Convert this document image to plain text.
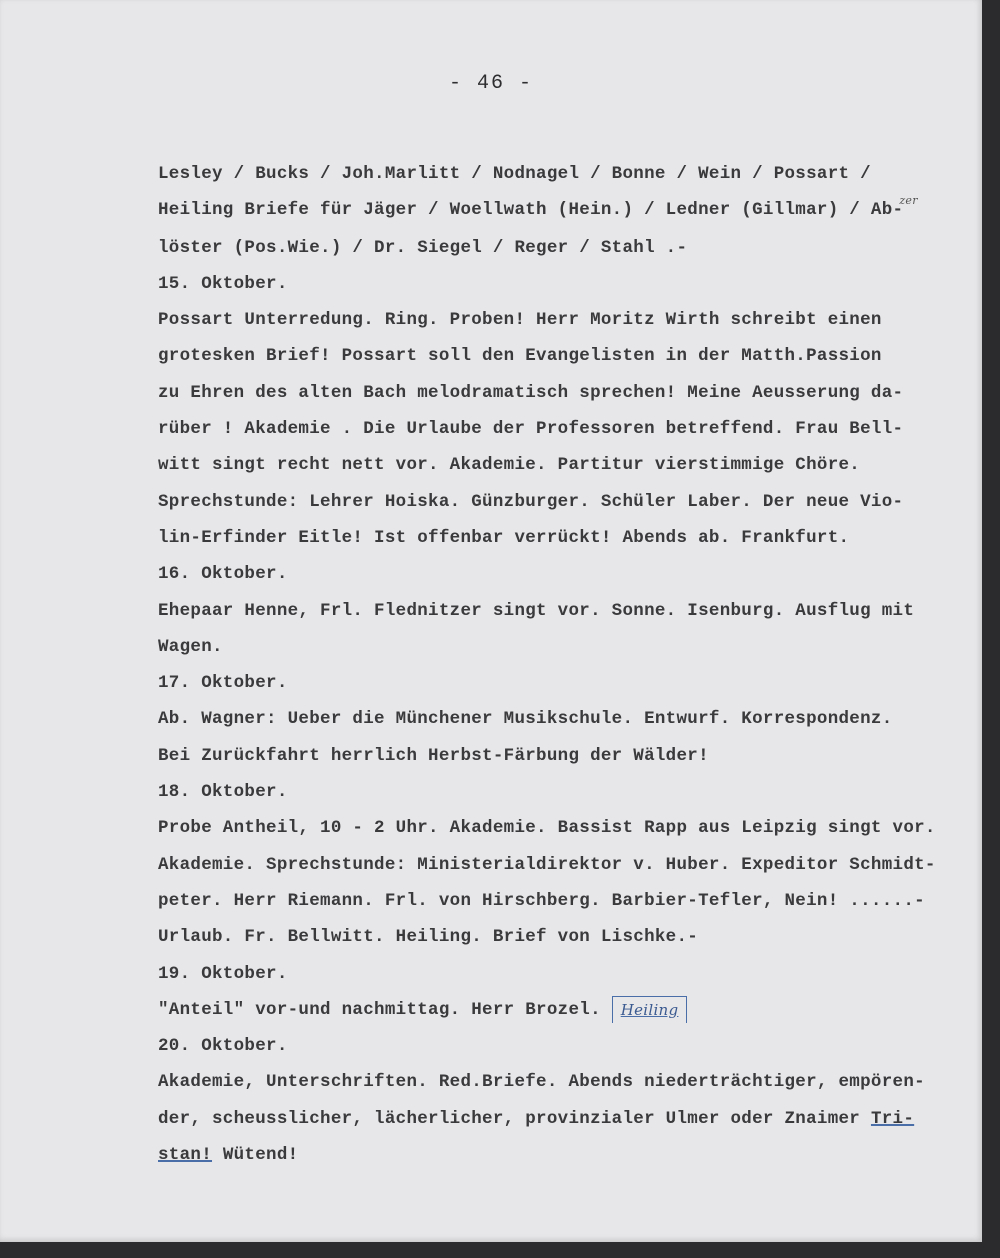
- 46 -
Lesley / Bucks / Joh.Marlitt / Nodnagel / Bonne / Wein / Possart /
Heiling Briefe für Jäger / Woellwath (Hein.) / Ledner (Gillmar) / Ab-zer
löster (Pos.Wie.) / Dr. Siegel / Reger / Stahl .-
15. Oktober.
Possart Unterredung. Ring. Proben! Herr Moritz Wirth schreibt einen
grotesken Brief! Possart soll den Evangelisten in der Matth.Passion
zu Ehren des alten Bach melodramatisch sprechen! Meine Aeusserung da-
rüber ! Akademie . Die Urlaube der Professoren betreffend. Frau Bell-
witt singt recht nett vor. Akademie. Partitur vierstimmige Chöre.
Sprechstunde: Lehrer Hoiska. Günzburger. Schüler Laber. Der neue Vio-
lin-Erfinder Eitle! Ist offenbar verrückt! Abends ab. Frankfurt.
16. Oktober.
Ehepaar Henne, Frl. Flednitzer singt vor. Sonne. Isenburg. Ausflug mit
Wagen.
17. Oktober.
Ab. Wagner: Ueber die Münchener Musikschule. Entwurf. Korrespondenz.
Bei Zurückfahrt herrlich Herbst-Färbung der Wälder!
18. Oktober.
Probe Antheil, 10 - 2 Uhr. Akademie. Bassist Rapp aus Leipzig singt vor.
Akademie. Sprechstunde: Ministerialdirektor v. Huber. Expeditor Schmidt-
peter. Herr Riemann. Frl. von Hirschberg. Barbier-Tefler, Nein! ......-
Urlaub. Fr. Bellwitt. Heiling. Brief von Lischke.-
19. Oktober.
"Anteil" vor-und nachmittag. Herr Brozel. Heiling
20. Oktober.
Akademie, Unterschriften. Red.Briefe. Abends niederträchtiger, empören-
der, scheusslicher, lächerlicher, provinzialer Ulmer oder Znaimer Tri-
stan! Wütend!
